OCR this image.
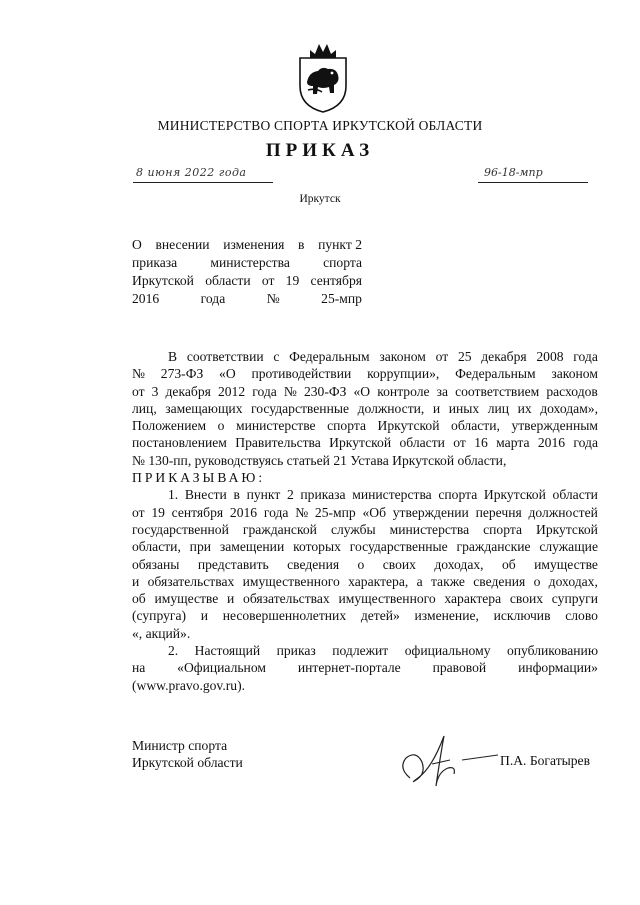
МИНИСТЕРСТВО СПОРТА ИРКУТСКОЙ ОБЛАСТИ
ПРИКАЗ
8 июня 2022 года	96-18-мпр
Иркутск
О внесении изменения в пункт 2
приказа министерства спорта
Иркутской области от 19 сентября
2016	года	№	25-мпр
В соответствии с Федеральным законом от 25 декабря 2008 года
№ 273-ФЗ «О противодействии коррупции», Федеральным законом
от 3 декабря 2012 года № 230-ФЗ «О контроле за соответствием расходов
лиц, замещающих государственные должности, и иных лиц их доходам»,
Положением о министерстве спорта Иркутской области, утвержденным
постановлением Правительства Иркутской области от 16 марта 2016 года
№ 130-пп, руководствуясь статьей 21 Устава Иркутской области,
ПРИКАЗЫВАЮ:
1. Внести в пункт 2 приказа министерства спорта Иркутской области
от 19 сентября 2016 года № 25-мпр «Об утверждении перечня должностей
государственной гражданской службы министерства спорта Иркутской
области, при замещении которых государственные гражданские служащие
обязаны представить сведения о своих доходах, об имуществе
и обязательствах имущественного характера, а также сведения о доходах,
об имуществе и обязательствах имущественного характера своих супруги
(супруга) и несовершеннолетних детей» изменение, исключив слово
«, акций».
2. Настоящий приказ подлежит официальному опубликованию
на «Официальном интернет-портале правовой информации»
(www.pravo.gov.ru).
Министр спорта
Иркутской области	П.А. Богатырев
